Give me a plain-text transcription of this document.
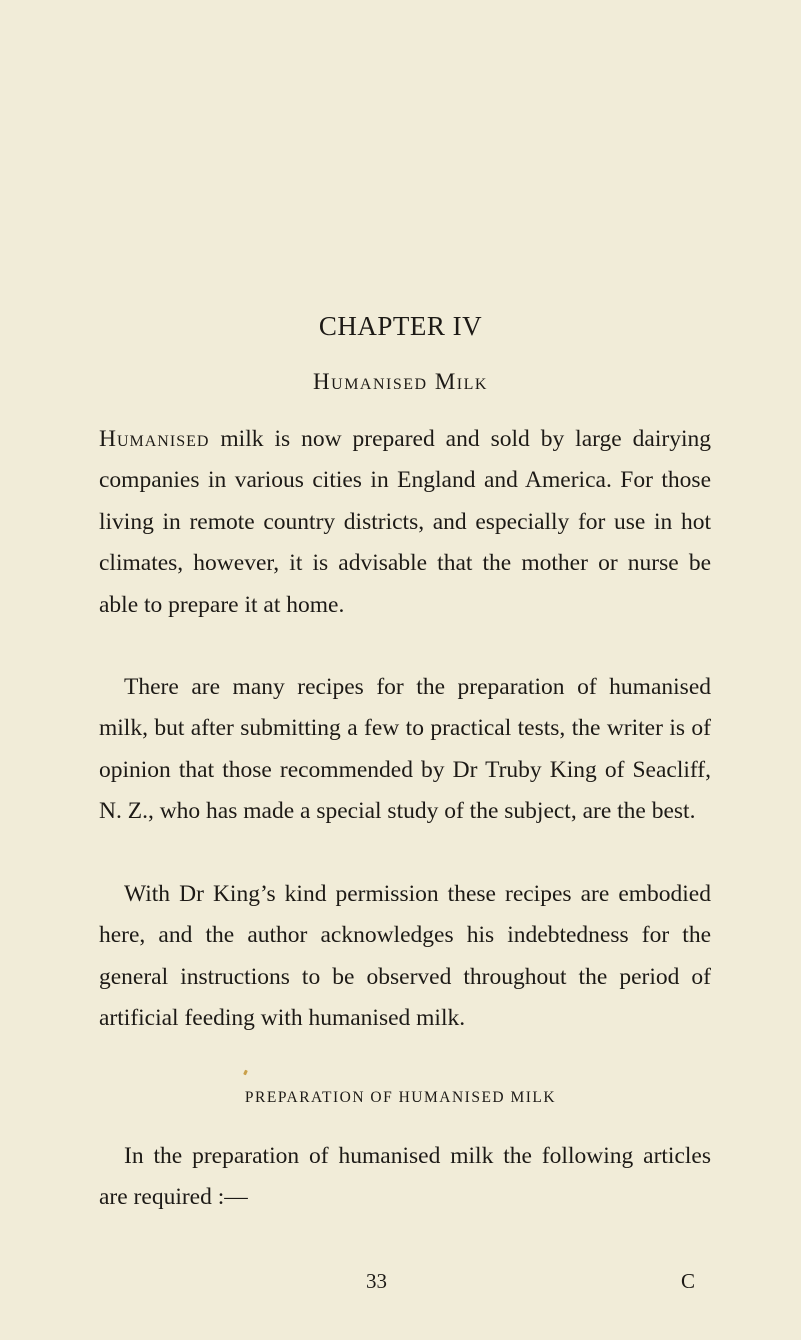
CHAPTER IV
Humanised Milk

Humanised milk is now prepared and sold by large dairying companies in various cities in England and America. For those living in remote country districts, and especially for use in hot climates, however, it is advisable that the mother or nurse be able to prepare it at home.

There are many recipes for the preparation of humanised milk, but after submitting a few to practical tests, the writer is of opinion that those recommended by Dr Truby King of Seacliff, N. Z., who has made a special study of the subject, are the best.

With Dr King’s kind permission these recipes are embodied here, and the author acknowledges his indebtedness for the general instructions to be observed throughout the period of artificial feeding with humanised milk.

PREPARATION OF HUMANISED MILK

In the preparation of humanised milk the following articles are required :—

33	C
